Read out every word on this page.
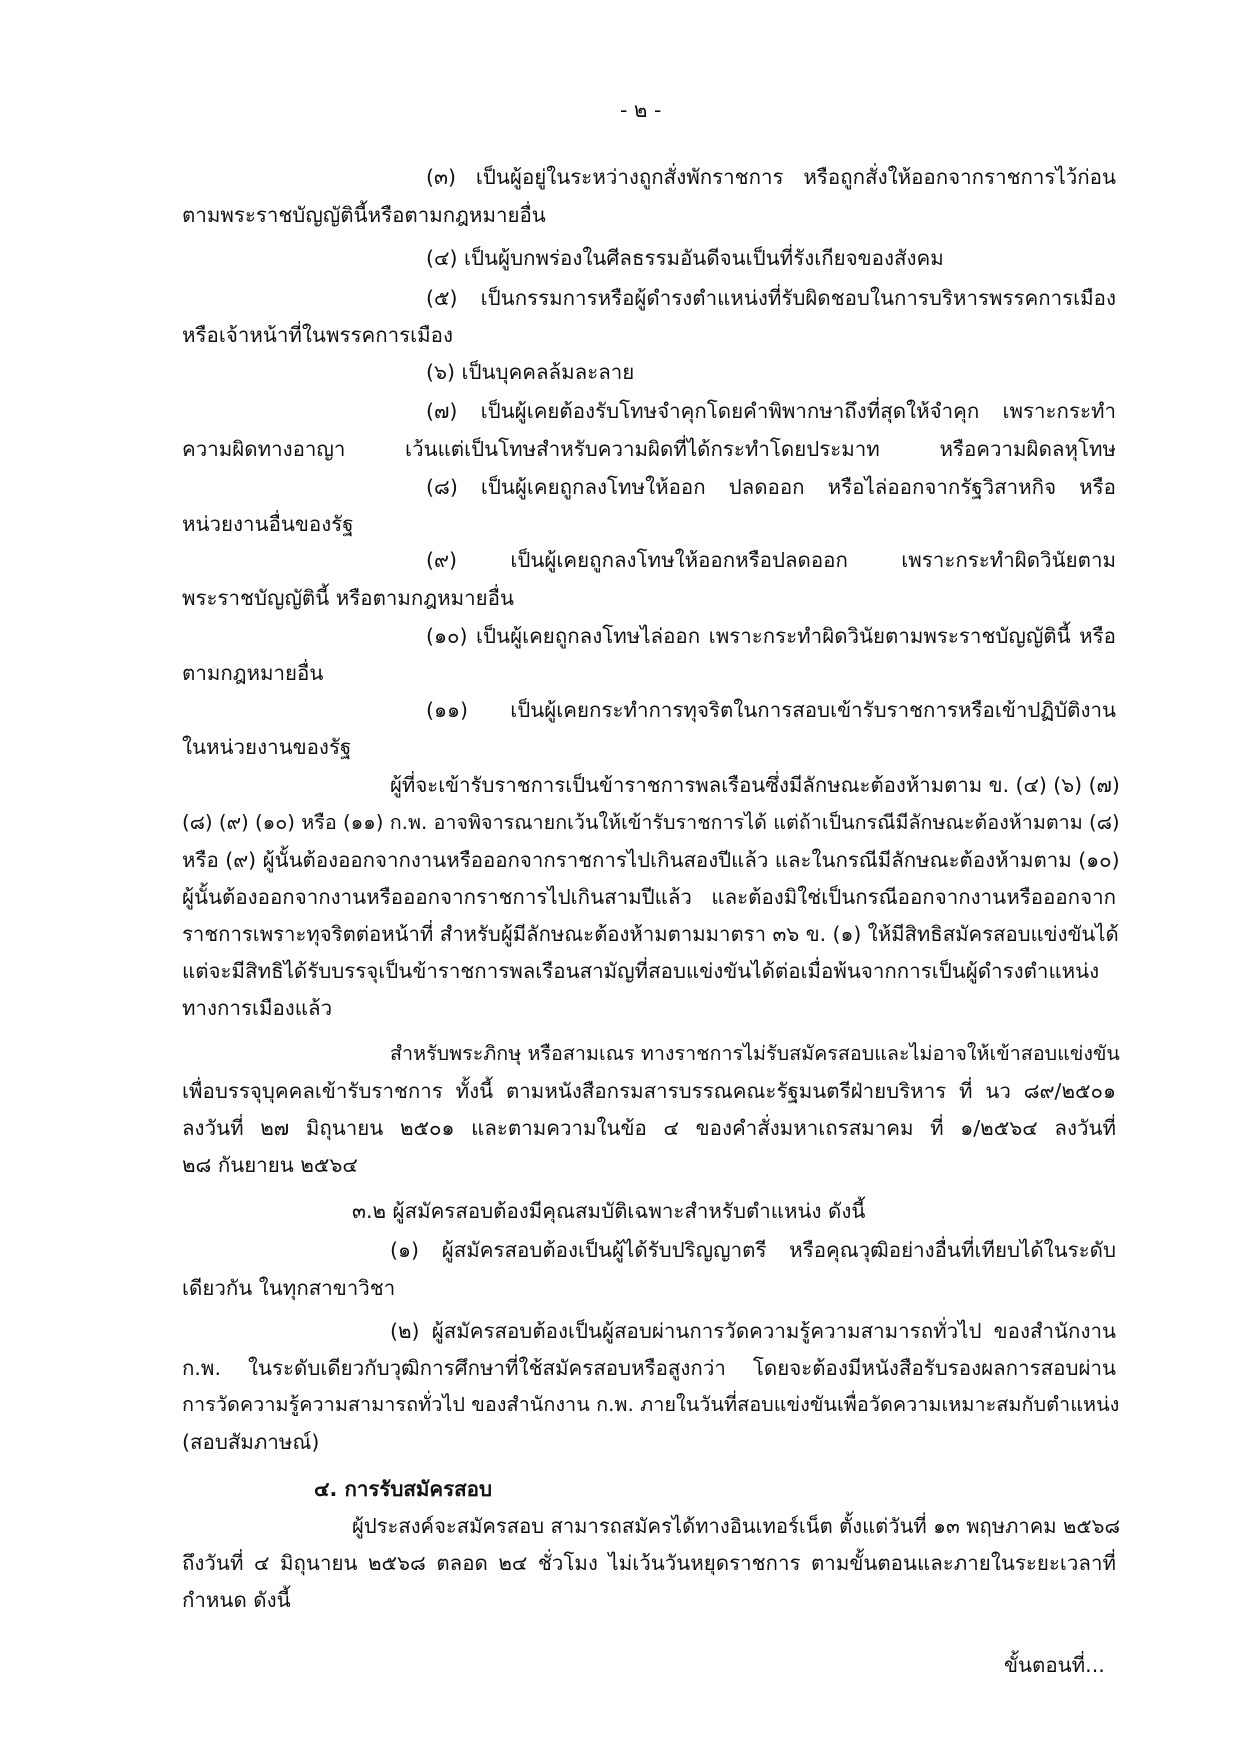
- ๒ -
(๓) เป็นผู้อยู่ในระหว่างถูกสั่งพักราชการ หรือถูกสั่งให้ออกจากราชการไว้ก่อน
ตามพระราชบัญญัตินี้หรือตามกฎหมายอื่น
(๔) เป็นผู้บกพร่องในศีลธรรมอันดีจนเป็นที่รังเกียจของสังคม
(๕) เป็นกรรมการหรือผู้ดำรงตำแหน่งที่รับผิดชอบในการบริหารพรรคการเมือง
หรือเจ้าหน้าที่ในพรรคการเมือง
(๖) เป็นบุคคลล้มละลาย
(๗) เป็นผู้เคยต้องรับโทษจำคุกโดยคำพิพากษาถึงที่สุดให้จำคุก เพราะกระทำ
ความผิดทางอาญา เว้นแต่เป็นโทษสำหรับความผิดที่ได้กระทำโดยประมาท หรือความผิดลหุโทษ
(๘) เป็นผู้เคยถูกลงโทษให้ออก ปลดออก หรือไล่ออกจากรัฐวิสาหกิจ หรือ
หน่วยงานอื่นของรัฐ
(๙) เป็นผู้เคยถูกลงโทษให้ออกหรือปลดออก เพราะกระทำผิดวินัยตาม
พระราชบัญญัตินี้ หรือตามกฎหมายอื่น
(๑๐) เป็นผู้เคยถูกลงโทษไล่ออก เพราะกระทำผิดวินัยตามพระราชบัญญัตินี้ หรือ
ตามกฎหมายอื่น
(๑๑) เป็นผู้เคยกระทำการทุจริตในการสอบเข้ารับราชการหรือเข้าปฏิบัติงาน
ในหน่วยงานของรัฐ
ผู้ที่จะเข้ารับราชการเป็นข้าราชการพลเรือนซึ่งมีลักษณะต้องห้ามตาม ข. (๔) (๖) (๗)
(๘) (๙) (๑๐) หรือ (๑๑) ก.พ. อาจพิจารณายกเว้นให้เข้ารับราชการได้ แต่ถ้าเป็นกรณีมีลักษณะต้องห้ามตาม (๘)
หรือ (๙) ผู้นั้นต้องออกจากงานหรือออกจากราชการไปเกินสองปีแล้ว และในกรณีมีลักษณะต้องห้ามตาม (๑๐)
ผู้นั้นต้องออกจากงานหรือออกจากราชการไปเกินสามปีแล้ว และต้องมิใช่เป็นกรณีออกจากงานหรือออกจาก
ราชการเพราะทุจริตต่อหน้าที่ สำหรับผู้มีลักษณะต้องห้ามตามมาตรา ๓๖ ข. (๑) ให้มีสิทธิสมัครสอบแข่งขันได้
แต่จะมีสิทธิได้รับบรรจุเป็นข้าราชการพลเรือนสามัญที่สอบแข่งขันได้ต่อเมื่อพ้นจากการเป็นผู้ดำรงตำแหน่ง
ทางการเมืองแล้ว
สำหรับพระภิกษุ หรือสามเณร ทางราชการไม่รับสมัครสอบและไม่อาจให้เข้าสอบแข่งขัน
เพื่อบรรจุบุคคลเข้ารับราชการ ทั้งนี้ ตามหนังสือกรมสารบรรณคณะรัฐมนตรีฝ่ายบริหาร ที่ นว ๘๙/๒๕๐๑
ลงวันที่ ๒๗ มิถุนายน ๒๕๐๑ และตามความในข้อ ๔ ของคำสั่งมหาเถรสมาคม ที่ ๑/๒๕๖๔ ลงวันที่
๒๘ กันยายน ๒๕๖๔
๓.๒ ผู้สมัครสอบต้องมีคุณสมบัติเฉพาะสำหรับตำแหน่ง ดังนี้
(๑) ผู้สมัครสอบต้องเป็นผู้ได้รับปริญญาตรี หรือคุณวุฒิอย่างอื่นที่เทียบได้ในระดับ
เดียวกัน ในทุกสาขาวิชา
(๒) ผู้สมัครสอบต้องเป็นผู้สอบผ่านการวัดความรู้ความสามารถทั่วไป ของสำนักงาน
ก.พ. ในระดับเดียวกับวุฒิการศึกษาที่ใช้สมัครสอบหรือสูงกว่า โดยจะต้องมีหนังสือรับรองผลการสอบผ่าน
การวัดความรู้ความสามารถทั่วไป ของสำนักงาน ก.พ. ภายในวันที่สอบแข่งขันเพื่อวัดความเหมาะสมกับตำแหน่ง
(สอบสัมภาษณ์)
๔. การรับสมัครสอบ
ผู้ประสงค์จะสมัครสอบ สามารถสมัครได้ทางอินเทอร์เน็ต ตั้งแต่วันที่ ๑๓ พฤษภาคม ๒๕๖๘
ถึงวันที่ ๔ มิถุนายน ๒๕๖๘ ตลอด ๒๔ ชั่วโมง ไม่เว้นวันหยุดราชการ ตามขั้นตอนและภายในระยะเวลาที่
กำหนด ดังนี้
ขั้นตอนที่...
